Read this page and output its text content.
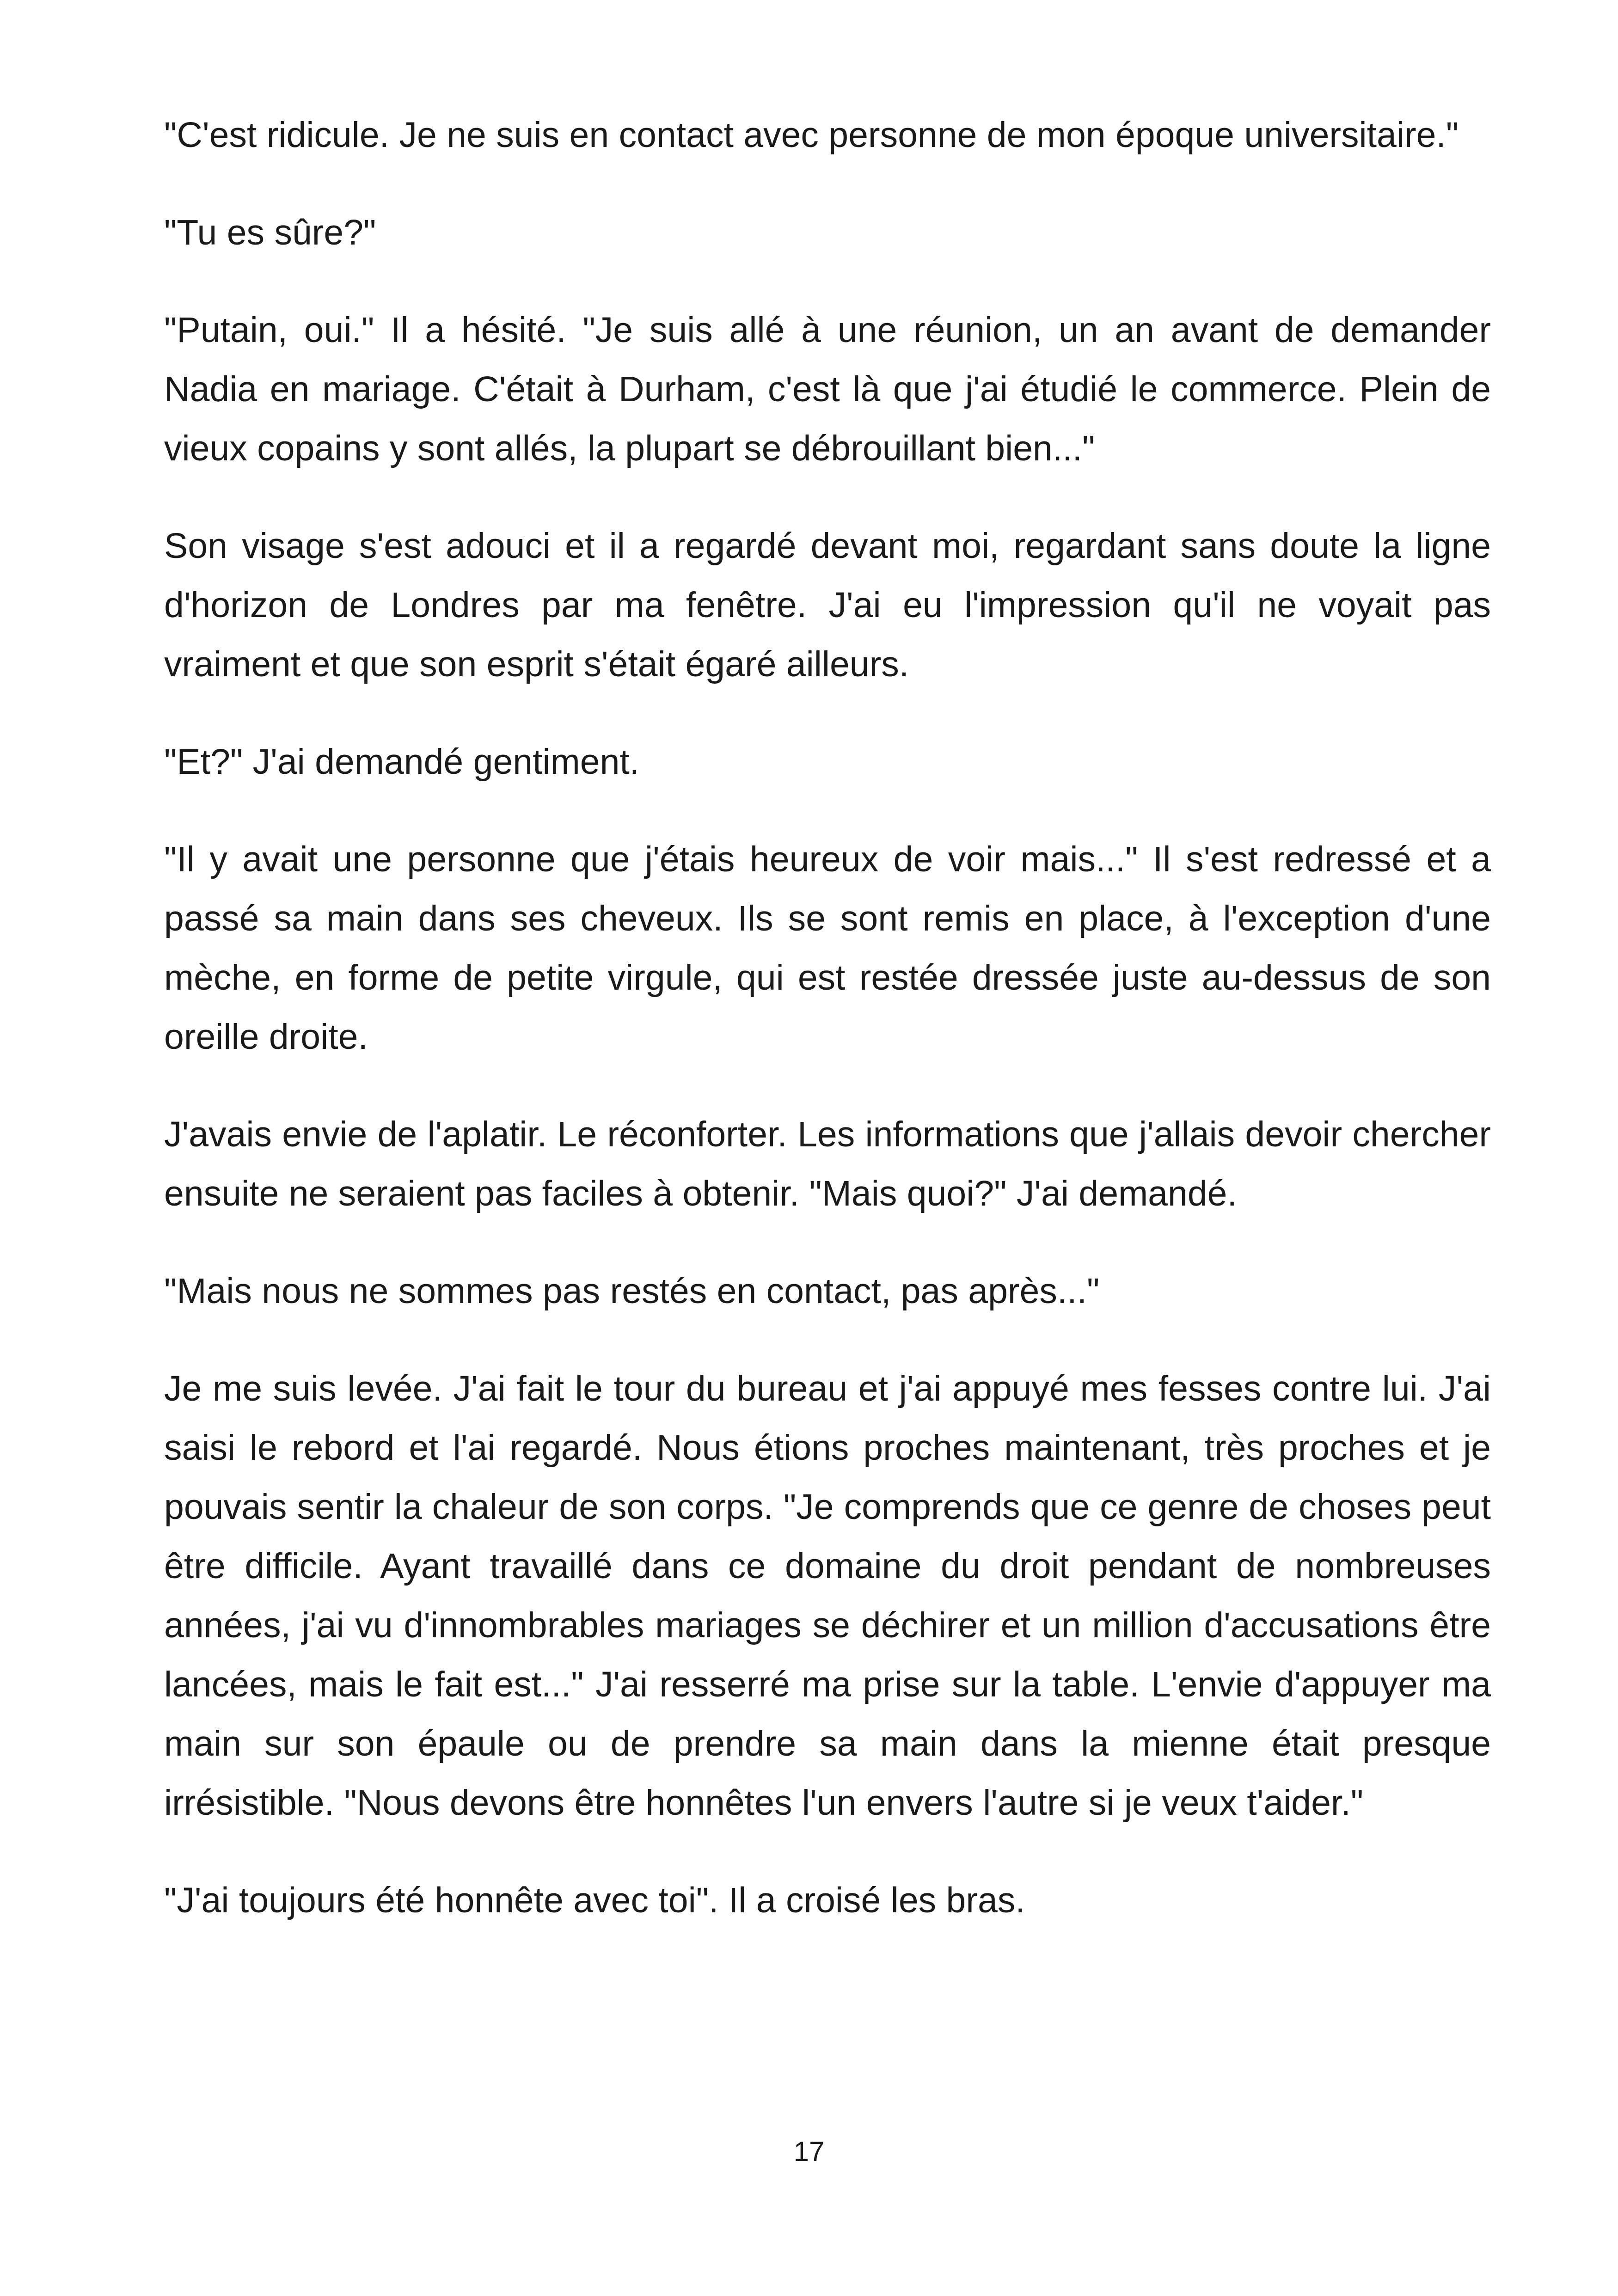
"C'est ridicule. Je ne suis en contact avec personne de mon époque universitaire."

"Tu es sûre?"

"Putain, oui." Il a hésité. "Je suis allé à une réunion, un an avant de demander Nadia en mariage. C'était à Durham, c'est là que j'ai étudié le commerce. Plein de vieux copains y sont allés, la plupart se débrouillant bien..."

Son visage s'est adouci et il a regardé devant moi, regardant sans doute la ligne d'horizon de Londres par ma fenêtre. J'ai eu l'impression qu'il ne voyait pas vraiment et que son esprit s'était égaré ailleurs.

"Et?" J'ai demandé gentiment.

"Il y avait une personne que j'étais heureux de voir mais..." Il s'est redressé et a passé sa main dans ses cheveux. Ils se sont remis en place, à l'exception d'une mèche, en forme de petite virgule, qui est restée dressée juste au-dessus de son oreille droite.

J'avais envie de l'aplatir. Le réconforter. Les informations que j'allais devoir chercher ensuite ne seraient pas faciles à obtenir. "Mais quoi?" J'ai demandé.

"Mais nous ne sommes pas restés en contact, pas après..."

Je me suis levée. J'ai fait le tour du bureau et j'ai appuyé mes fesses contre lui. J'ai saisi le rebord et l'ai regardé. Nous étions proches maintenant, très proches et je pouvais sentir la chaleur de son corps. "Je comprends que ce genre de choses peut être difficile. Ayant travaillé dans ce domaine du droit pendant de nombreuses années, j'ai vu d'innombrables mariages se déchirer et un million d'accusations être lancées, mais le fait est..." J'ai resserré ma prise sur la table. L'envie d'appuyer ma main sur son épaule ou de prendre sa main dans la mienne était presque irrésistible. "Nous devons être honnêtes l'un envers l'autre si je veux t'aider."

"J'ai toujours été honnête avec toi". Il a croisé les bras.

17
